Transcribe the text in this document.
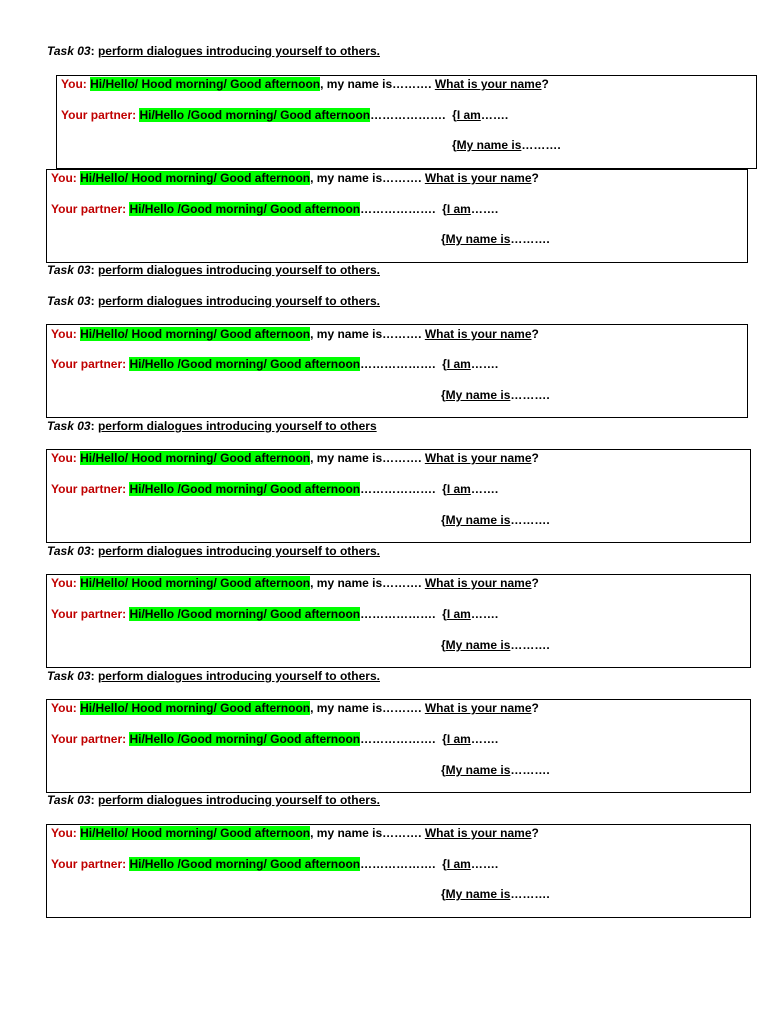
Task 03: perform dialogues introducing yourself to others.
You: Hi/Hello/ Hood morning/ Good afternoon, my name is………. What is your name?
Your partner: Hi/Hello /Good morning/ Good afternoon………………. {I am…….
{My name is……….
You: Hi/Hello/ Hood morning/ Good afternoon, my name is………. What is your name?
Your partner: Hi/Hello /Good morning/ Good afternoon………………. {I am…….
{My name is……….
Task 03: perform dialogues introducing yourself to others.
Task 03: perform dialogues introducing yourself to others.
You: Hi/Hello/ Hood morning/ Good afternoon, my name is………. What is your name?
Your partner: Hi/Hello /Good morning/ Good afternoon………………. {I am…….
{My name is……….
Task 03: perform dialogues introducing yourself to others
You: Hi/Hello/ Hood morning/ Good afternoon, my name is………. What is your name?
Your partner: Hi/Hello /Good morning/ Good afternoon………………. {I am…….
{My name is……….
Task 03: perform dialogues introducing yourself to others.
You: Hi/Hello/ Hood morning/ Good afternoon, my name is………. What is your name?
Your partner: Hi/Hello /Good morning/ Good afternoon………………. {I am…….
{My name is……….
Task 03: perform dialogues introducing yourself to others.
You: Hi/Hello/ Hood morning/ Good afternoon, my name is………. What is your name?
Your partner: Hi/Hello /Good morning/ Good afternoon………………. {I am…….
{My name is……….
Task 03: perform dialogues introducing yourself to others.
You: Hi/Hello/ Hood morning/ Good afternoon, my name is………. What is your name?
Your partner: Hi/Hello /Good morning/ Good afternoon………………. {I am…….
{My name is……….
